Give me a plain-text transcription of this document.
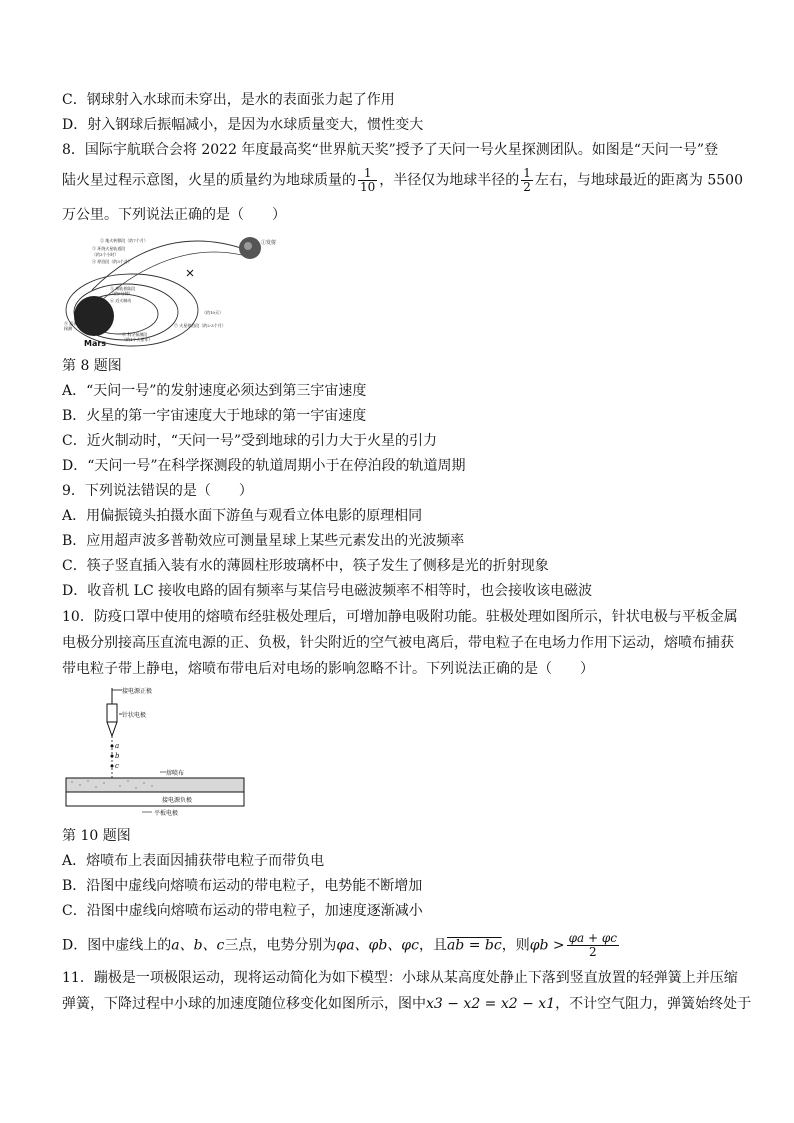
C．钢球射入水球而未穿出，是水的表面张力起了作用
D．射入钢球后振幅减小，是因为水球质量变大，惯性变大
8．国际宇航联合会将 2022 年度最高奖“世界航天奖”授予了天问一号火星探测团队。如图是“天问一号”登
陆火星过程示意图，火星的质量约为地球质量的 $\frac{1}{10}$ ，半径仅为地球半径的 $\frac{1}{2}$ 左右，与地球最近的距离为 5500
万公里。下列说法正确的是（　　）
Mars
①发射
② 地火转移段（约7个月）
③ 环绕火星轨道段
（约3个小时）
④ 停泊段（约3个月）
⑤ 离轨着陆段
（约9分钟）
⑥ 近火制动
（约10天）
⑦ 火星停泊段（约2-3个月）
⑧ 科学探测段
（约1个火星年）
⑨ 巡视
探测
第 8 题图
A．“天问一号”的发射速度必须达到第三宇宙速度
B．火星的第一宇宙速度大于地球的第一宇宙速度
C．近火制动时，“天问一号”受到地球的引力大于火星的引力
D．“天问一号”在科学探测段的轨道周期小于在停泊段的轨道周期
9．下列说法错误的是（　　）
A．用偏振镜头拍摄水面下游鱼与观看立体电影的原理相同
B．应用超声波多普勒效应可测量星球上某些元素发出的光波频率
C．筷子竖直插入装有水的薄圆柱形玻璃杯中，筷子发生了侧移是光的折射现象
D．收音机 LC 接收电路的固有频率与某信号电磁波频率不相等时，也会接收该电磁波
10．防疫口罩中使用的熔喷布经驻极处理后，可增加静电吸附功能。驻极处理如图所示，针状电极与平板金属
电极分别接高压直流电源的正、负极，针尖附近的空气被电离后，带电粒子在电场力作用下运动，熔喷布捕获
带电粒子带上静电，熔喷布带电后对电场的影响忽略不计。下列说法正确的是（　　）
接电源正极
针状电极
a
b
c
熔喷布
接电源负极
平板电极
第 10 题图
A．熔喷布上表面因捕获带电粒子而带负电
B．沿图中虚线向熔喷布运动的带电粒子，电势能不断增加
C．沿图中虚线向熔喷布运动的带电粒子，加速度逐渐减小
D．图中虚线上的a、b、c三点，电势分别为φa、φb、φc，且ab = bc，则$\varphi b > \frac{\varphi a + \varphi c}{2}$
11．蹦极是一项极限运动，现将运动简化为如下模型：小球从某高度处静止下落到竖直放置的轻弹簧上并压缩
弹簧，下降过程中小球的加速度随位移变化如图所示，图中x3 − x2 = x2 − x1，不计空气阻力，弹簧始终处于
